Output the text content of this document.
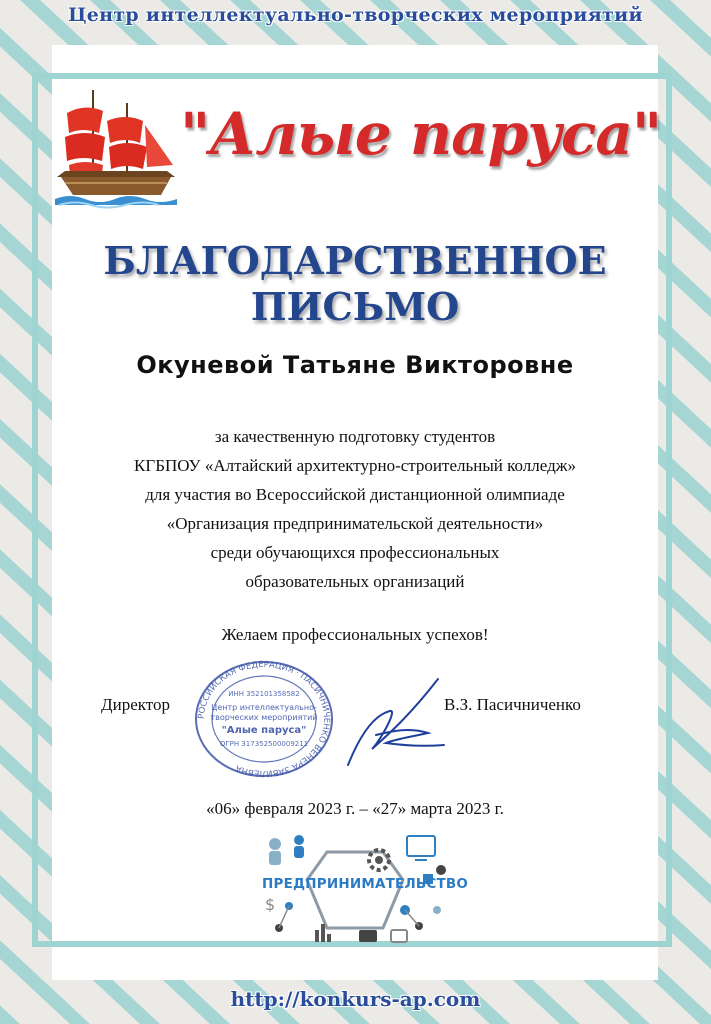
Центр интеллектуально-творческих мероприятий
"Алые паруса"
БЛАГОДАРСТВЕННОЕ
ПИСЬМО
Окуневой Татьяне Викторовне
за качественную подготовку студентов
КГБПОУ «Алтайский архитектурно-строительный колледж»
для участия во Всероссийской дистанционной олимпиаде
«Организация предпринимательской деятельности»
среди обучающихся профессиональных
образовательных организаций
Желаем профессиональных успехов!
Директор
РОССИЙСКАЯ ФЕДЕРАЦИЯ · ПАСИЧНИЧЕНКО ВЕНЕРА ЗАВИЛЕВНА
ИНН 352101358582
Центр интеллектуально-
творческих мероприятий
"Алые паруса"
ОГРН 317352500009211
В.З. Пасичниченко
«06» февраля 2023 г. – «27» марта 2023 г.
$
ПРЕДПРИНИМАТЕЛЬСТВО
http://konkurs-ap.com
